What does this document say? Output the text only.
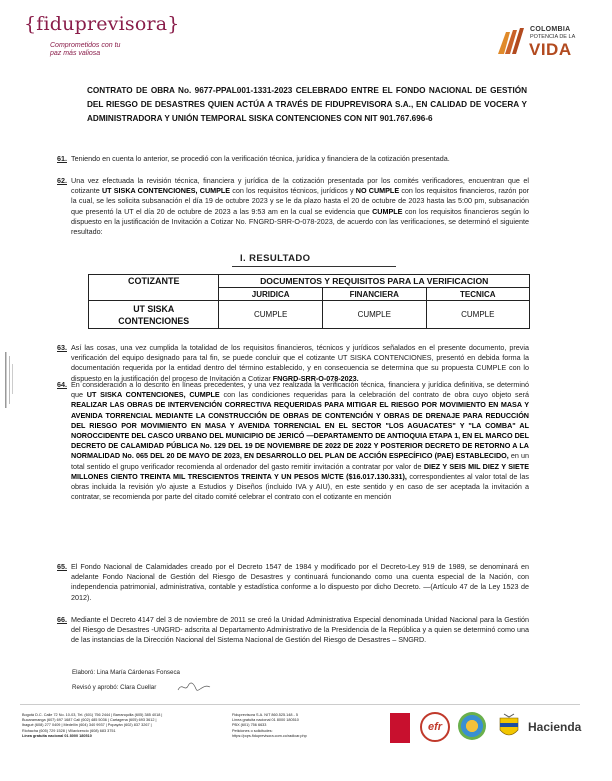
{fiduprevisora}
Comprometidos con tu paz más valiosa
COLOMBIA
POTENCIA DE LA
VIDA
CONTRATO DE OBRA No. 9677-PPAL001-1331-2023 CELEBRADO ENTRE EL FONDO NACIONAL DE GESTIÓN DEL RIESGO DE DESASTRES QUIEN ACTÚA A TRAVÉS DE FIDUPREVISORA S.A., EN CALIDAD DE VOCERA Y ADMINISTRADORA Y UNIÓN TEMPORAL SISKA CONTENCIONES CON NIT 901.767.696-6
61. Teniendo en cuenta lo anterior, se procedió con la verificación técnica, jurídica y financiera de la cotización presentada.
62. Una vez efectuada la revisión técnica, financiera y jurídica de la cotización presentada por los comités verificadores, encuentran que el cotizante UT SISKA CONTENCIONES, CUMPLE con los requisitos técnicos, jurídicos y NO CUMPLE con los requisitos financieros, razón por la cual, se les solicita subsanación el día 19 de octubre 2023 y se le da plazo hasta el 20 de octubre de 2023 hasta las 5:00 pm, subsanación que presentó la UT el día 20 de octubre de 2023 a las 9:53 am en la cual se evidencia que CUMPLE con los requisitos financieros según lo dispuesto en la justificación de Invitación a Cotizar No. FNGRD-SRR-O-078-2023, de acuerdo con las verificaciones, se determinó el siguiente resultado:
I. RESULTADO
COTIZANTE	DOCUMENTOS Y REQUISITOS PARA LA VERIFICACION		
	JURIDICA	FINANCIERA	TECNICA
UT SISKA CONTENCIONES	CUMPLE	CUMPLE	CUMPLE
63. Así las cosas, una vez cumplida la totalidad de los requisitos financieros, técnicos y jurídicos señalados en el presente documento, previa verificación del equipo designado para tal fin, se puede concluir que el cotizante UT SISKA CONTENCIONES, presentó en debida forma la documentación requerida por la entidad dentro del término establecido, y en consecuencia se determina que su propuesta CUMPLE con lo dispuesto en la justificación del proceso de Invitación a Cotizar FNGRD-SRR-O-078-2023.
64. En consideración a lo descrito en líneas precedentes, y una vez realizada la verificación técnica, financiera y jurídica definitiva, se determinó que UT SISKA CONTENCIONES, CUMPLE con las condiciones requeridas para la celebración del contrato de obra cuyo objeto será REALIZAR LAS OBRAS DE INTERVENCIÓN CORRECTIVA REQUERIDAS PARA MITIGAR EL RIESGO POR MOVIMIENTO EN MASA Y AVENIDA TORRENCIAL MEDIANTE LA CONSTRUCCIÓN DE OBRAS DE CONTENCIÓN Y OBRAS DE DRENAJE PARA REDUCCIÓN DEL RIESGO POR MOVIMIENTO EN MASA Y AVENIDA TORRENCIAL EN EL SECTOR "LOS AGUACATES" Y "LA COMBA" AL NOROCCIDENTE DEL CASCO URBANO DEL MUNICIPIO DE JERICÓ —DEPARTAMENTO DE ANTIOQUIA ETAPA 1, EN EL MARCO DEL DECRETO DE CALAMIDAD PÚBLICA No. 129 DEL 19 DE NOVIEMBRE DE 2022 DE 2022 Y POSTERIOR DECRETO DE RETORNO A LA NORMALIDAD No. 065 DEL 20 DE MAYO DE 2023, EN DESARROLLO DEL PLAN DE ACCIÓN ESPECÍFICO (PAE) ESTABLECIDO, en un total sentido el grupo verificador recomienda al ordenador del gasto remitir invitación a contratar por valor de DIEZ Y SEIS MIL DIEZ Y SIETE MILLONES CIENTO TREINTA MIL TRESCIENTOS TREINTA Y UN PESOS M/CTE ($16.017.130.331), correspondientes al valor total de las obras incluida la revisión y/o ajuste a Estudios y Diseños (incluido IVA y AIU), en este sentido y en caso de ser aceptada la invitación a contratar, se recomienda por parte del citado comité celebrar el contrato con el cotizante en mención
65. El Fondo Nacional de Calamidades creado por el Decreto 1547 de 1984 y modificado por el Decreto-Ley 919 de 1989, se denominará en adelante Fondo Nacional de Gestión del Riesgo de Desastres y continuará funcionando como una cuenta especial de la Nación, con independencia patrimonial, administrativa, contable y estadística conforme a lo dispuesto por dicho Decreto. —(Artículo 47 de la Ley 1523 de 2012).
66. Mediante el Decreto 4147 del 3 de noviembre de 2011 se creó la Unidad Administrativa Especial denominada Unidad Nacional para la Gestión del Riesgo de Desastres -UNGRD- adscrita al Departamento Administrativo de la Presidencia de la República y a quien se determinó como una de las instancias de la Dirección Nacional del Sistema Nacional de Gestión del Riesgo de Desastres – SNGRD.
Elaboró: Lina María Cárdenas Fonseca
Revisó y aprobó: Clara Cuellar
Bogotá D.C. Calle 72 No. 10-03, Tel. (601) 756 2444 | Barranquilla (605) 385 4018 |
Bucaramanga (607) 697 1687 Cali (602) 485 5036 | Cartagena (605) 693 3612 |
Ibagué (608) 277 0409 | Medellín (604) 340 9937 | Popayán (602) 837 3267 |
Riohacha (605) 729 1528 | Villavicencio (608) 683 3751
Línea gratuita nacional 01 8000 180510
Fiduprevisora S.A. NIT 860.525.148 - 5
Línea gratuita nacional 01 8000 180510
PBX (601) 756 6633
Peticiones o solicitudes:
https://pqrs.fiduprevisora.com.co/radicar.php
efr	Hacienda
